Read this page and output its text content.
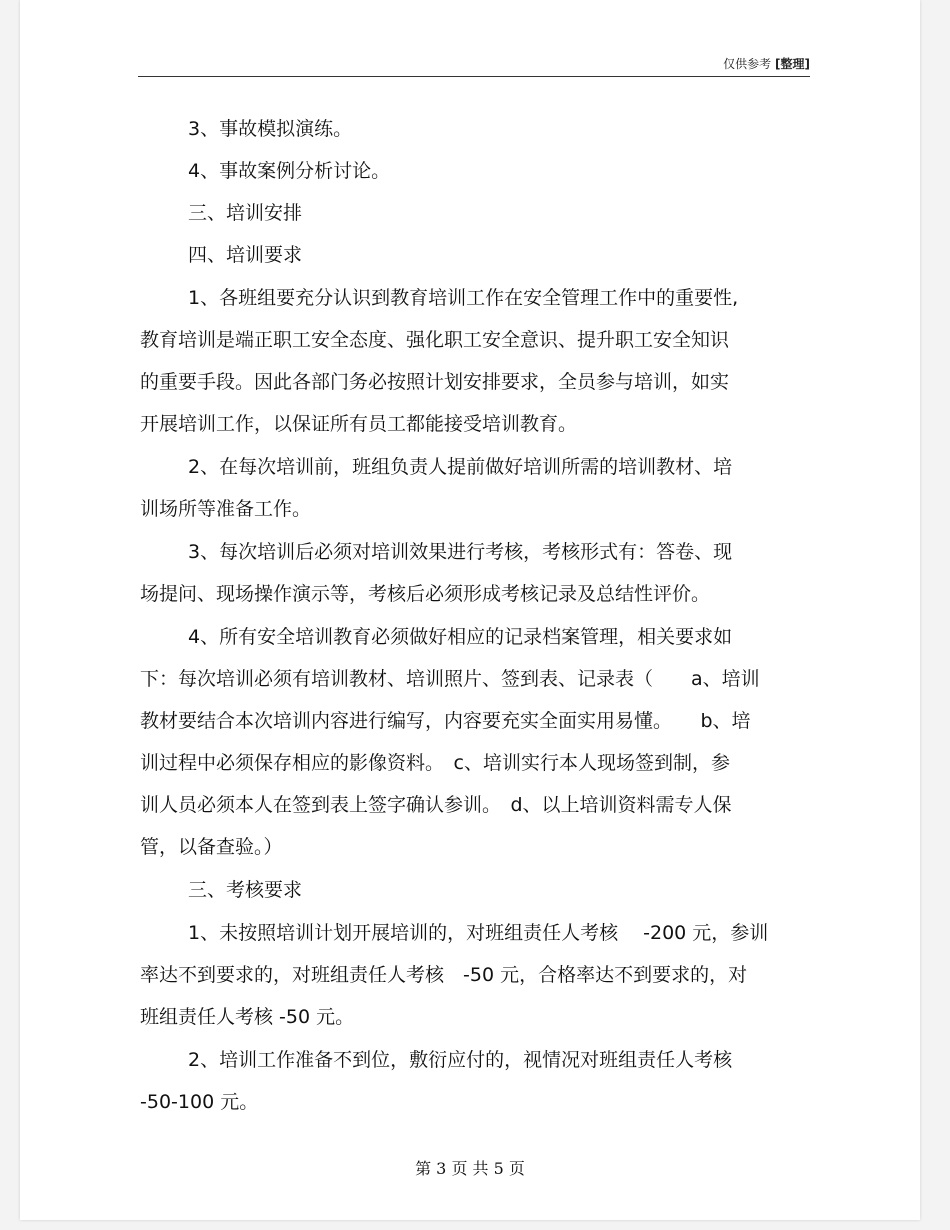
仅供参考 [整理]
3、事故模拟演练。
4、事故案例分析讨论。
三、培训安排
四、培训要求
1、各班组要充分认识到教育培训工作在安全管理工作中的重要性,
教育培训是端正职工安全态度、强化职工安全意识、提升职工安全知识
的重要手段。因此各部门务必按照计划安排要求，全员参与培训，如实
开展培训工作，以保证所有员工都能接受培训教育。
2、在每次培训前，班组负责人提前做好培训所需的培训教材、培
训场所等准备工作。
3、每次培训后必须对培训效果进行考核，考核形式有：答卷、现
场提问、现场操作演示等，考核后必须形成考核记录及总结性评价。
4、所有安全培训教育必须做好相应的记录档案管理，相关要求如
下：每次培训必须有培训教材、培训照片、签到表、记录表（　　a、培训
教材要结合本次培训内容进行编写，内容要充实全面实用易懂。　　b、培
训过程中必须保存相应的影像资料。　c、培训实行本人现场签到制，参
训人员必须本人在签到表上签字确认参训。　d、以上培训资料需专人保
管，以备查验。）
三、考核要求
1、未按照培训计划开展培训的，对班组责任人考核　 -200 元，参训
率达不到要求的，对班组责任人考核　-50 元，合格率达不到要求的，对
班组责任人考核 -50 元。
2、培训工作准备不到位，敷衍应付的，视情况对班组责任人考核
-50-100 元。
第 3 页 共 5 页
